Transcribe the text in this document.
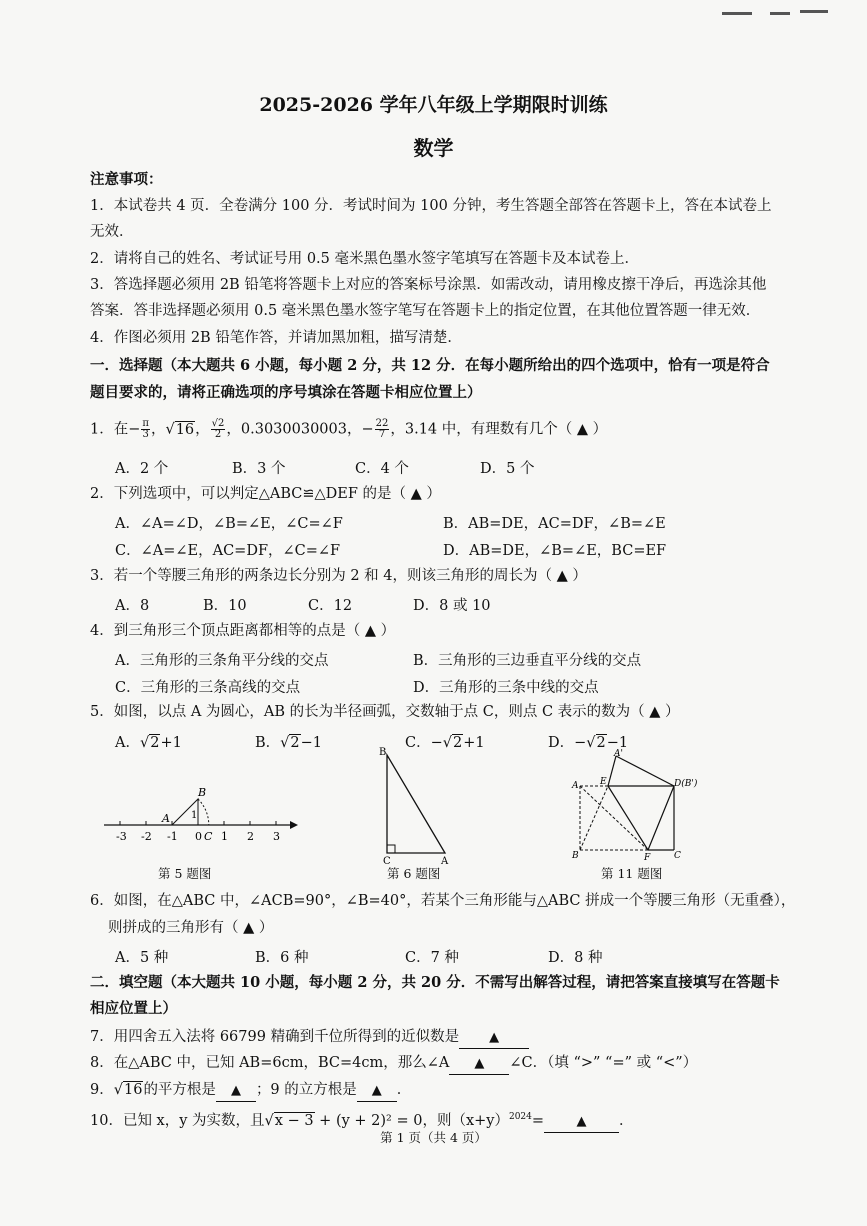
2025-2026 学年八年级上学期限时训练
数学
注意事项：
1．本试卷共 4 页．全卷满分 100 分．考试时间为 100 分钟，考生答题全部答在答题卡上，答在本试卷上
无效．
2．请将自己的姓名、考试证号用 0.5 毫米黑色墨水签字笔填写在答题卡及本试卷上．
3．答选择题必须用 2B 铅笔将答题卡上对应的答案标号涂黑．如需改动，请用橡皮擦干净后，再选涂其他
答案．答非选择题必须用 0.5 毫米黑色墨水签字笔写在答题卡上的指定位置，在其他位置答题一律无效．
4．作图必须用 2B 铅笔作答，并请加黑加粗，描写清楚．
一．选择题（本大题共 6 小题，每小题 2 分，共 12 分．在每小题所给出的四个选项中，恰有一项是符合
题目要求的，请将正确选项的序号填涂在答题卡相应位置上）
1．在− $\frac{\pi}{3}$ ，√16， $\frac{√2}{2}$ ，0.3030030003，− $\frac{22}{7}$ ，3.14 中，有理数有几个（ ▲ ）
A．2 个	B．3 个	C．4 个	D．5 个
2．下列选项中，可以判定△ABC≌△DEF 的是（ ▲ ）
A．∠A=∠D，∠B=∠E，∠C=∠F	B．AB=DE，AC=DF，∠B=∠E
C．∠A=∠E，AC=DF，∠C=∠F	D．AB=DE，∠B=∠E，BC=EF
3．若一个等腰三角形的两条边长分别为 2 和 4，则该三角形的周长为（ ▲ ）
A．8	B．10	C．12	D．8 或 10
4．到三角形三个顶点距离都相等的点是（ ▲ ）
A．三角形的三条角平分线的交点	B．三角形的三边垂直平分线的交点
C．三角形的三条高线的交点	D．三角形的三条中线的交点
5．如图，以点 A 为圆心，AB 的长为半径画弧，交数轴于点 C，则点 C 表示的数为（ ▲ ）
A．√2+1	B．√2−1	C．−√2+1	D．−√2−1
-3 -2 -1 0 1 2 3
A
B
C
1
第 5 题图
B
C	A
第 6 题图
A E
A'
D(B')
B	F	C
第 11 题图
6．如图，在△ABC 中，∠ACB=90°，∠B=40°，若某个三角形能与△ABC 拼成一个等腰三角形（无重叠），
则拼成的三角形有（ ▲ ）
A．5 种	B．6 种	C．7 种	D．8 种
二．填空题（本大题共 10 小题，每小题 2 分，共 20 分．不需写出解答过程，请把答案直接填写在答题卡
相应位置上）
7．用四舍五入法将 66799 精确到千位所得到的近似数是 ▲
8．在△ABC 中，已知 AB=6cm，BC=4cm，那么∠A ▲ ∠C．（填 “>” “=” 或 “<”）
9．√16的平方根是 ▲ ；9 的立方根是 ▲ ．
10．已知 x，y 为实数，且√x − 3 + (y + 2)² = 0，则$(x+y)^{2024}=$	▲ ．
第 1 页（共 4 页）
